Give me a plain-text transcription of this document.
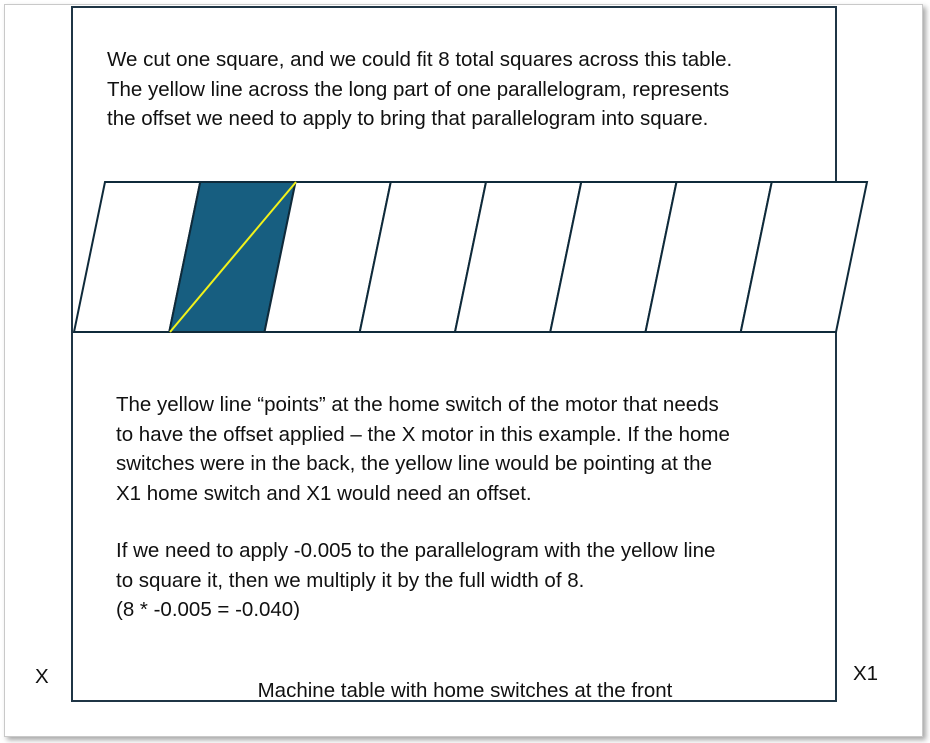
We cut one square, and we could fit 8 total squares across this table.
The yellow line across the long part of one parallelogram, represents
the offset we need to apply to bring that parallelogram into square.

The yellow line “points” at the home switch of the motor that needs
to have the offset applied – the X motor in this example. If the home
switches were in the back, the yellow line would be pointing at the
X1 home switch and X1 would need an offset.

If we need to apply -0.005 to the parallelogram with the yellow line
to square it, then we multiply it by the full width of 8.
(8 * -0.005 = -0.040)

X	X1

Machine table with home switches at the front
